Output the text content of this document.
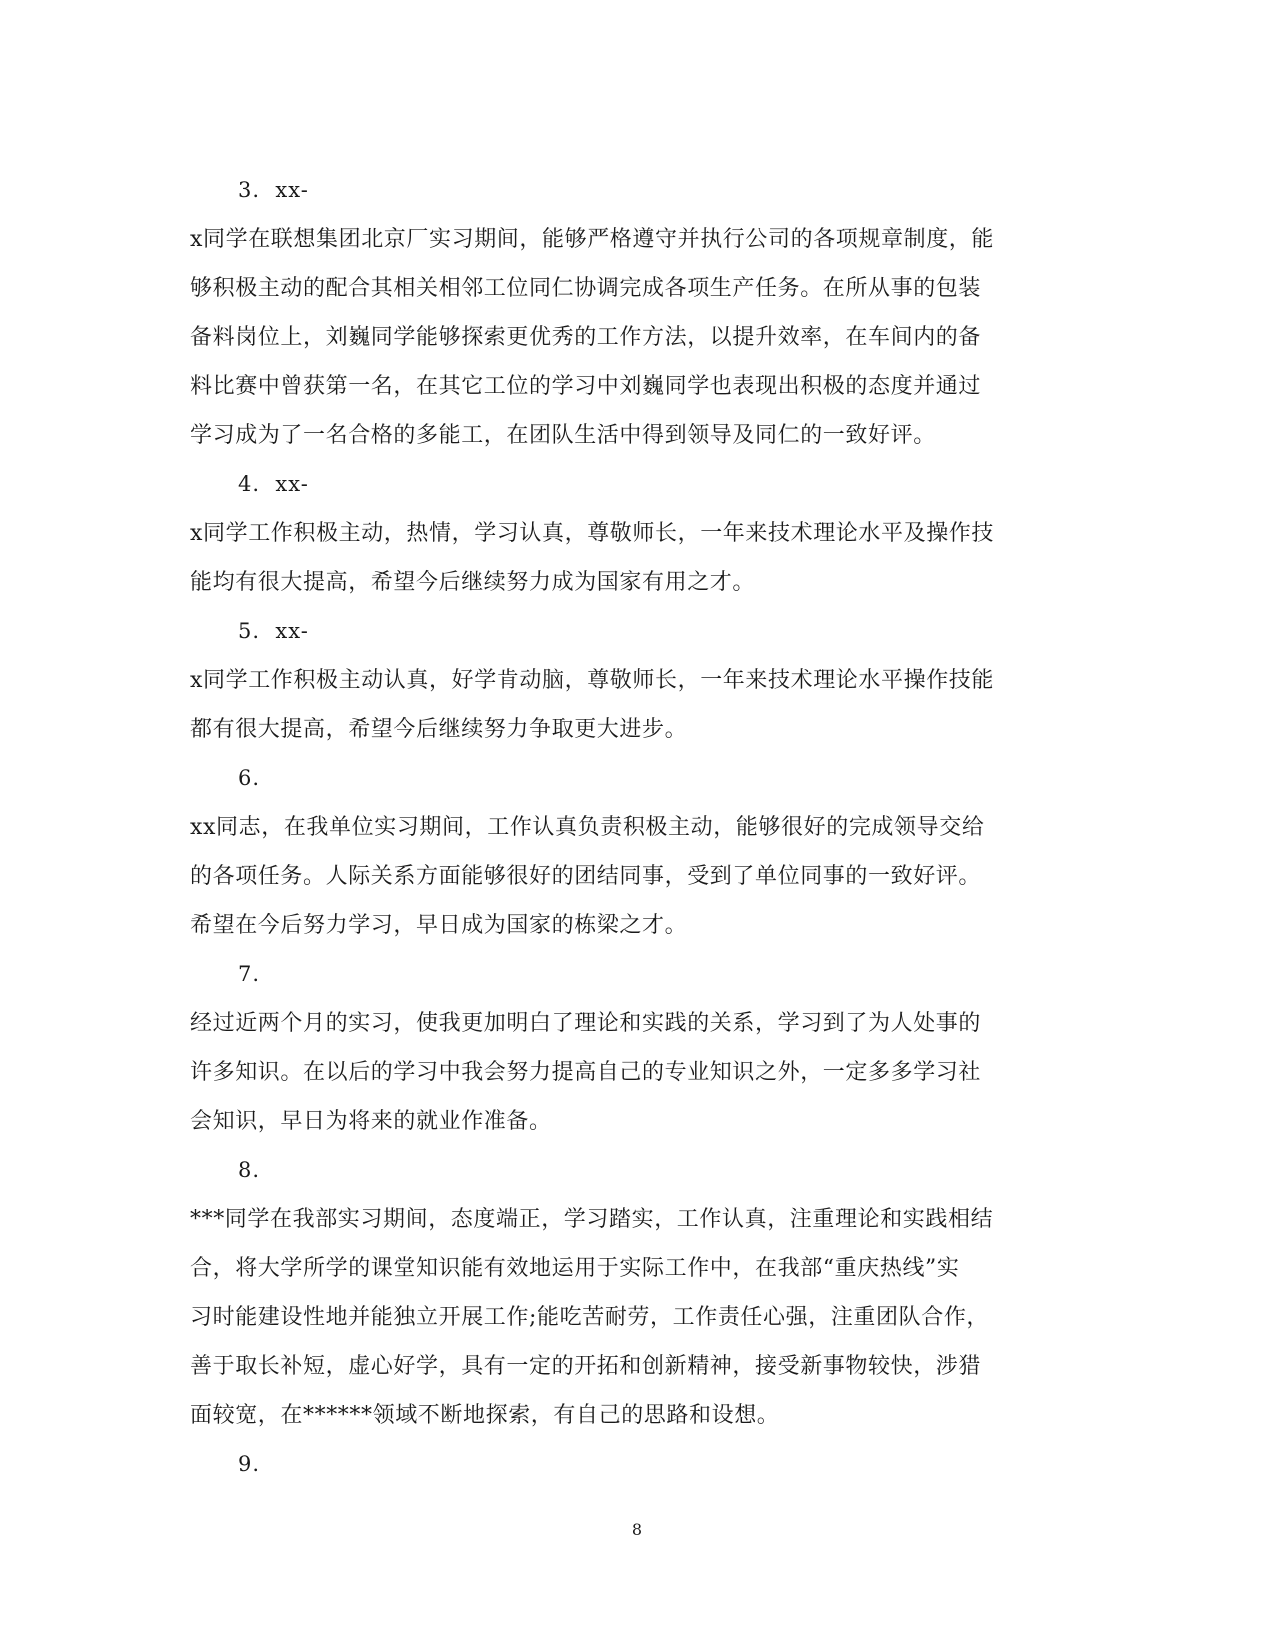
3.  xx-
x同学在联想集团北京厂实习期间，能够严格遵守并执行公司的各项规章制度，能
够积极主动的配合其相关相邻工位同仁协调完成各项生产任务。在所从事的包装
备料岗位上，刘巍同学能够探索更优秀的工作方法，以提升效率，在车间内的备
料比赛中曾获第一名，在其它工位的学习中刘巍同学也表现出积极的态度并通过
学习成为了一名合格的多能工，在团队生活中得到领导及同仁的一致好评。
4.  xx-
x同学工作积极主动，热情，学习认真，尊敬师长，一年来技术理论水平及操作技
能均有很大提高，希望今后继续努力成为国家有用之才。
5.  xx-
x同学工作积极主动认真，好学肯动脑，尊敬师长，一年来技术理论水平操作技能
都有很大提高，希望今后继续努力争取更大进步。
6.
xx同志，在我单位实习期间，工作认真负责积极主动，能够很好的完成领导交给
的各项任务。人际关系方面能够很好的团结同事，受到了单位同事的一致好评。
希望在今后努力学习，早日成为国家的栋梁之才。
7.
经过近两个月的实习，使我更加明白了理论和实践的关系，学习到了为人处事的
许多知识。在以后的学习中我会努力提高自己的专业知识之外，一定多多学习社
会知识，早日为将来的就业作准备。
8.
***同学在我部实习期间，态度端正，学习踏实，工作认真，注重理论和实践相结
合，将大学所学的课堂知识能有效地运用于实际工作中，在我部“重庆热线”实
习时能建设性地并能独立开展工作;能吃苦耐劳，工作责任心强，注重团队合作，
善于取长补短，虚心好学，具有一定的开拓和创新精神，接受新事物较快，涉猎
面较宽，在******领域不断地探索，有自己的思路和设想。
9.
8
